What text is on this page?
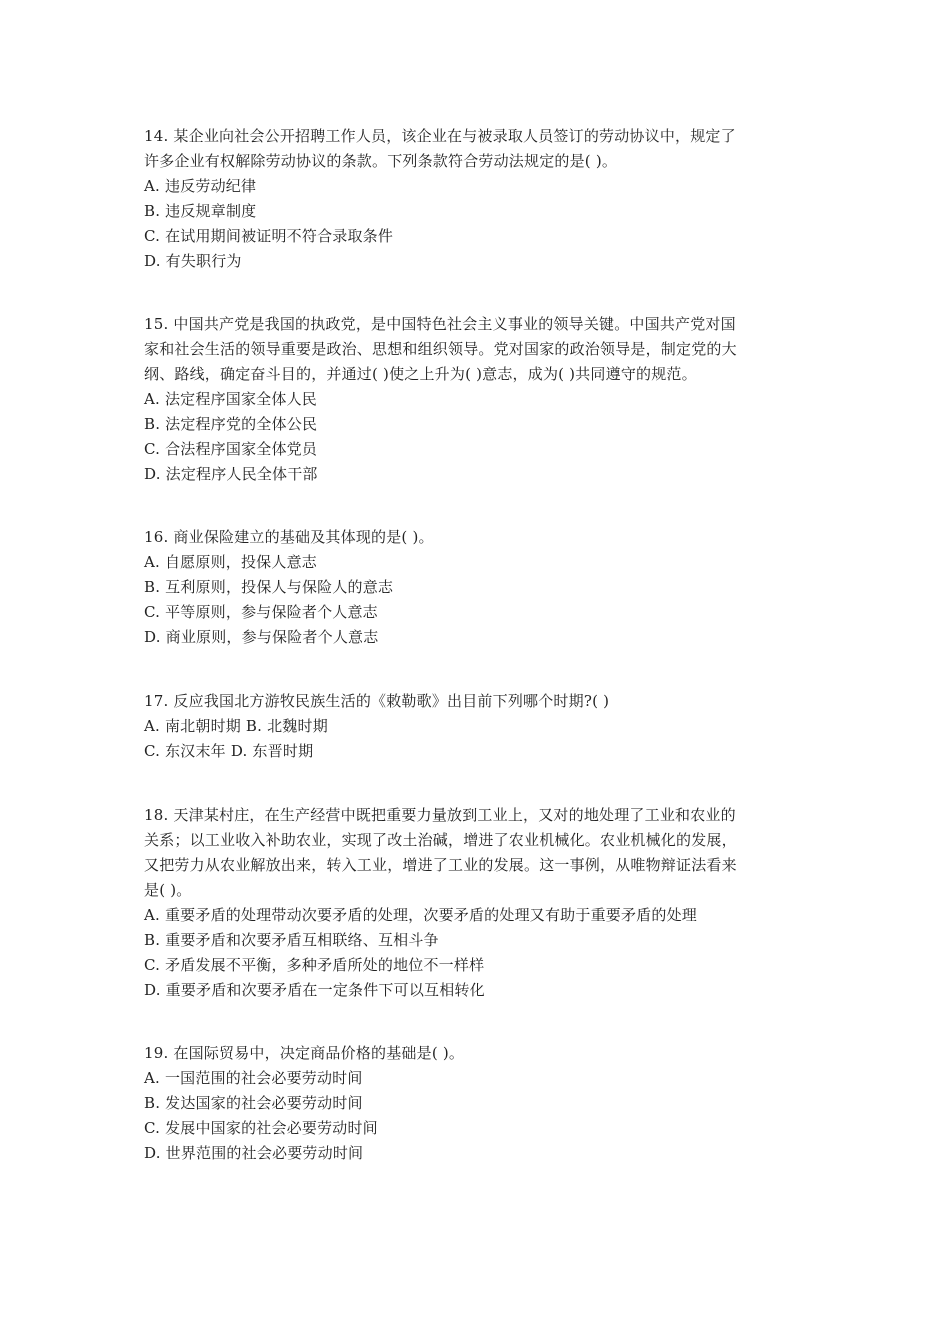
14. 某企业向社会公开招聘工作人员，该企业在与被录取人员签订的劳动协议中，规定了
许多企业有权解除劳动协议的条款。下列条款符合劳动法规定的是( )。
A. 违反劳动纪律
B. 违反规章制度
C. 在试用期间被证明不符合录取条件
D. 有失职行为
15. 中国共产党是我国的执政党，是中国特色社会主义事业的领导关键。中国共产党对国
家和社会生活的领导重要是政治、思想和组织领导。党对国家的政治领导是，制定党的大
纲、路线，确定奋斗目的，并通过( )使之上升为( )意志，成为( )共同遵守的规范。
A. 法定程序国家全体人民
B. 法定程序党的全体公民
C. 合法程序国家全体党员
D. 法定程序人民全体干部
16. 商业保险建立的基础及其体现的是( )。
A. 自愿原则，投保人意志
B. 互利原则，投保人与保险人的意志
C. 平等原则，参与保险者个人意志
D. 商业原则，参与保险者个人意志
17. 反应我国北方游牧民族生活的《敕勒歌》出目前下列哪个时期?( )
A. 南北朝时期 B. 北魏时期
C. 东汉末年 D. 东晋时期
18. 天津某村庄，在生产经营中既把重要力量放到工业上，又对的地处理了工业和农业的
关系；以工业收入补助农业，实现了改土治碱，增进了农业机械化。农业机械化的发展，
又把劳力从农业解放出来，转入工业，增进了工业的发展。这一事例，从唯物辩证法看来
是( )。
A. 重要矛盾的处理带动次要矛盾的处理，次要矛盾的处理又有助于重要矛盾的处理
B. 重要矛盾和次要矛盾互相联络、互相斗争
C. 矛盾发展不平衡，多种矛盾所处的地位不一样样
D. 重要矛盾和次要矛盾在一定条件下可以互相转化
19. 在国际贸易中，决定商品价格的基础是( )。
A. 一国范围的社会必要劳动时间
B. 发达国家的社会必要劳动时间
C. 发展中国家的社会必要劳动时间
D. 世界范围的社会必要劳动时间
